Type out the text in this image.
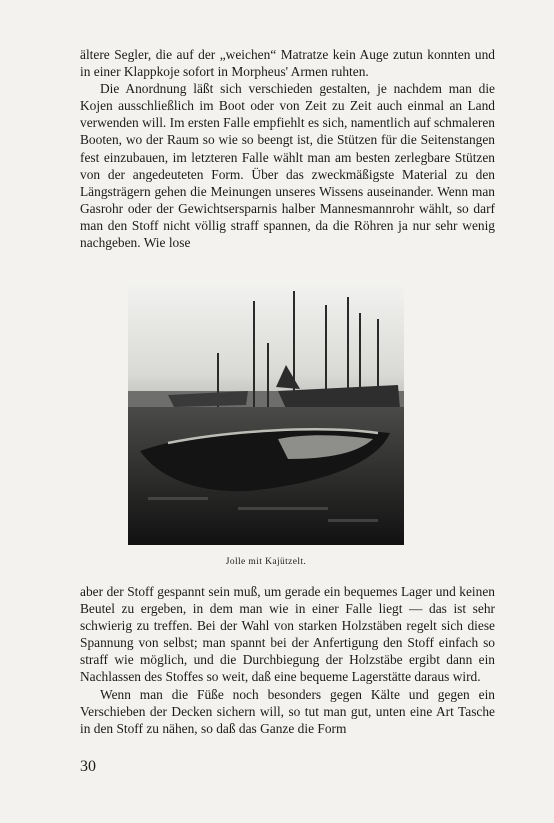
ältere Segler, die auf der „weichen“ Matratze kein Auge zutun konnten und in einer Klappkoje sofort in Morpheus' Armen ruhten.

Die Anordnung läßt sich verschieden gestalten, je nachdem man die Kojen ausschließlich im Boot oder von Zeit zu Zeit auch einmal an Land verwenden will. Im ersten Falle empfiehlt es sich, namentlich auf schmaleren Booten, wo der Raum so wie so beengt ist, die Stützen für die Seitenstangen fest einzubauen, im letzteren Falle wählt man am besten zerlegbare Stützen von der angedeuteten Form. Über das zweckmäßigste Material zu den Längsträgern gehen die Meinungen unseres Wissens auseinander. Wenn man Gasrohr oder der Gewichtsersparnis halber Mannesmannrohr wählt, so darf man den Stoff nicht völlig straff spannen, da die Röhren ja nur sehr wenig nachgeben. Wie lose

Jolle mit Kajützelt.

aber der Stoff gespannt sein muß, um gerade ein bequemes Lager und keinen Beutel zu ergeben, in dem man wie in einer Falle liegt — das ist sehr schwierig zu treffen. Bei der Wahl von starken Holzstäben regelt sich diese Spannung von selbst; man spannt bei der Anfertigung den Stoff einfach so straff wie möglich, und die Durchbiegung der Holzstäbe ergibt dann ein Nachlassen des Stoffes so weit, daß eine bequeme Lagerstätte daraus wird.

Wenn man die Füße noch besonders gegen Kälte und gegen ein Verschieben der Decken sichern will, so tut man gut, unten eine Art Tasche in den Stoff zu nähen, so daß das Ganze die Form

30
